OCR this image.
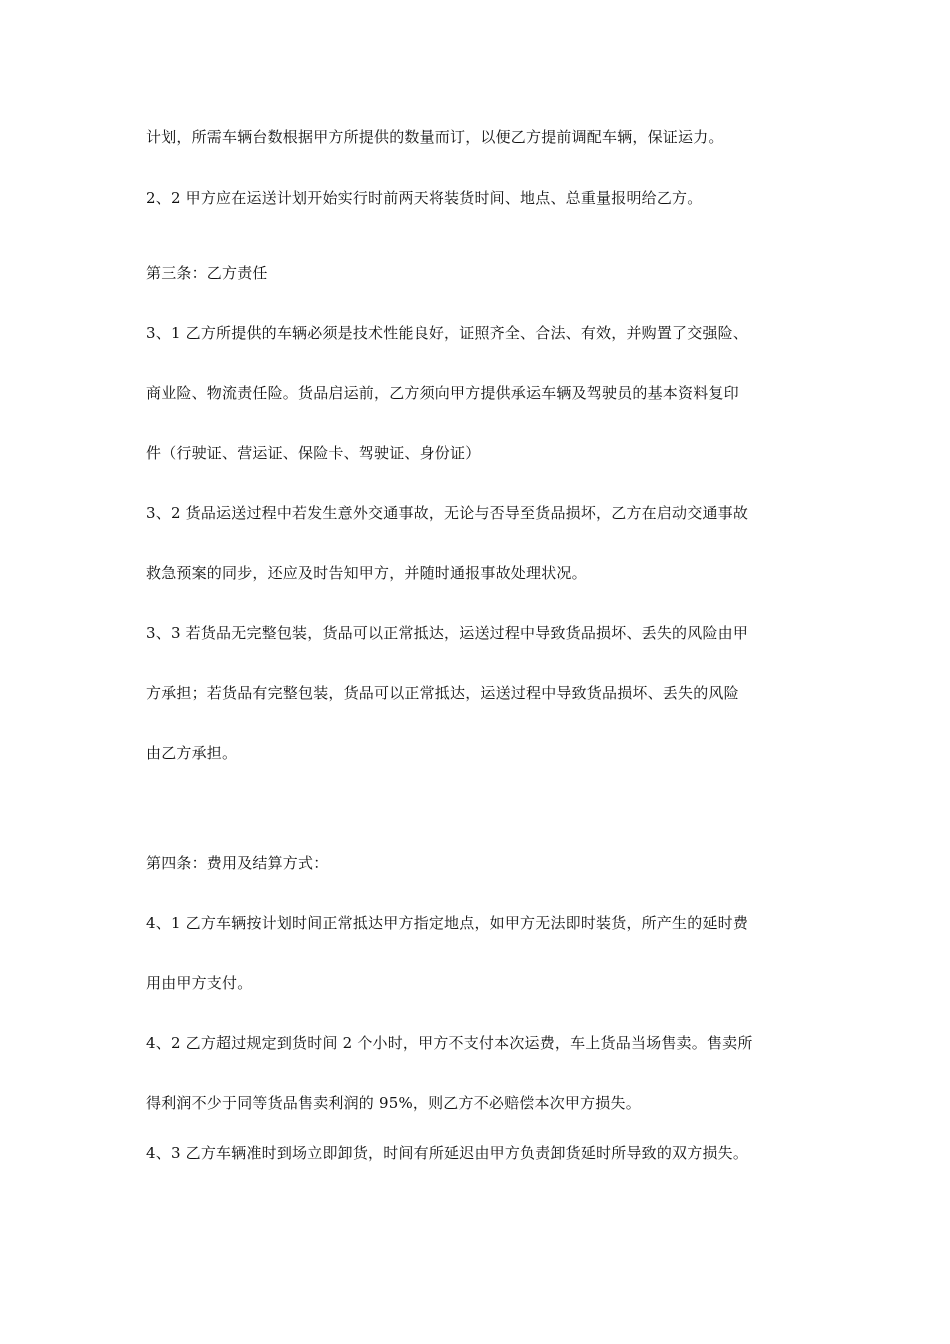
计划，所需车辆台数根据甲方所提供的数量而订，以便乙方提前调配车辆，保证运力。
2、2 甲方应在运送计划开始实行时前两天将装货时间、地点、总重量报明给乙方。
第三条：乙方责任
3、1 乙方所提供的车辆必须是技术性能良好，证照齐全、合法、有效，并购置了交强险、
商业险、物流责任险。货品启运前，乙方须向甲方提供承运车辆及驾驶员的基本资料复印
件（行驶证、营运证、保险卡、驾驶证、身份证）
3、2 货品运送过程中若发生意外交通事故，无论与否导至货品损坏，乙方在启动交通事故
救急预案的同步，还应及时告知甲方，并随时通报事故处理状况。
3、3 若货品无完整包装，货品可以正常抵达，运送过程中导致货品损坏、丢失的风险由甲
方承担；若货品有完整包装，货品可以正常抵达，运送过程中导致货品损坏、丢失的风险
由乙方承担。
第四条：费用及结算方式：
4、1 乙方车辆按计划时间正常抵达甲方指定地点，如甲方无法即时装货，所产生的延时费
用由甲方支付。
4、2 乙方超过规定到货时间 2 个小时，甲方不支付本次运费，车上货品当场售卖。售卖所
得利润不少于同等货品售卖利润的 95%，则乙方不必赔偿本次甲方损失。
4、3 乙方车辆准时到场立即卸货，时间有所延迟由甲方负责卸货延时所导致的双方损失。
